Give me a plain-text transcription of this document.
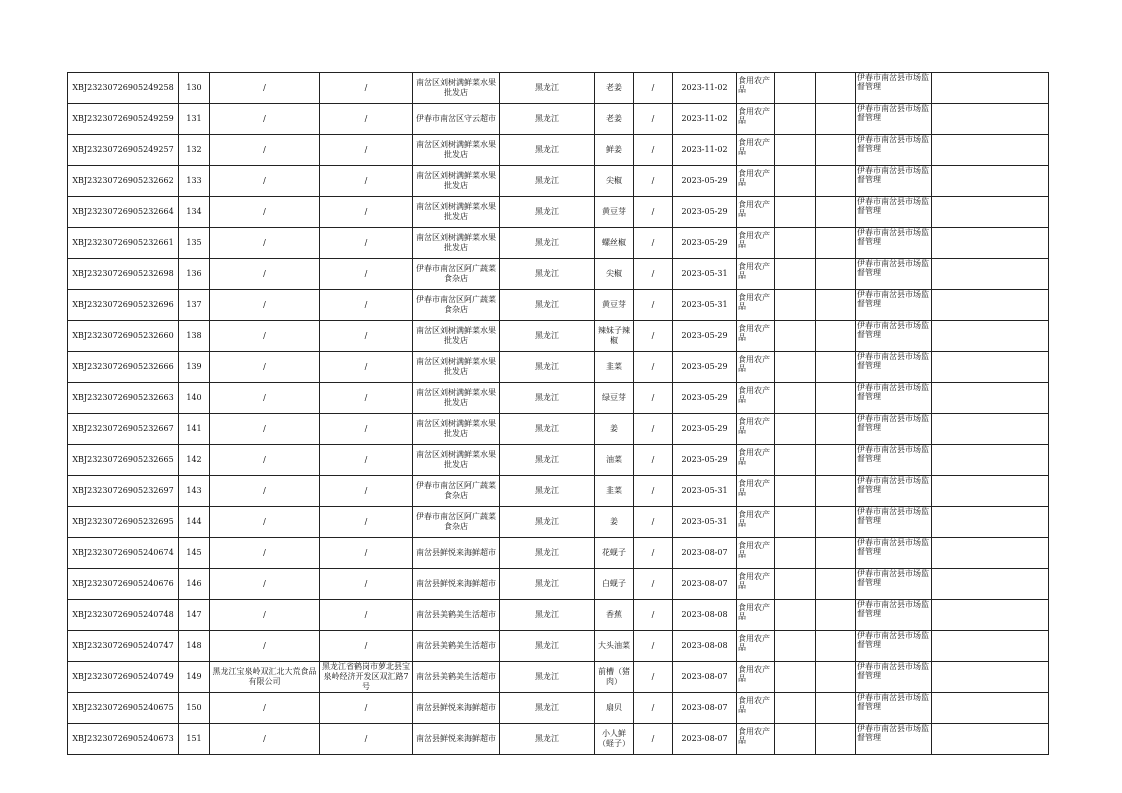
XBJ23230726905249258	130	/	/	南岔区刘树满鲜菜水果批发店	黑龙江	老姜	/	2023-11-02	食用农产品			伊春市南岔县市场监督管理	
XBJ23230726905249259	131	/	/	伊春市南岔区守云超市	黑龙江	老姜	/	2023-11-02	食用农产品			伊春市南岔县市场监督管理	
XBJ23230726905249257	132	/	/	南岔区刘树满鲜菜水果批发店	黑龙江	鲜姜	/	2023-11-02	食用农产品			伊春市南岔县市场监督管理	
XBJ23230726905232662	133	/	/	南岔区刘树满鲜菜水果批发店	黑龙江	尖椒	/	2023-05-29	食用农产品			伊春市南岔县市场监督管理	
XBJ23230726905232664	134	/	/	南岔区刘树满鲜菜水果批发店	黑龙江	黄豆芽	/	2023-05-29	食用农产品			伊春市南岔县市场监督管理	
XBJ23230726905232661	135	/	/	南岔区刘树满鲜菜水果批发店	黑龙江	螺丝椒	/	2023-05-29	食用农产品			伊春市南岔县市场监督管理	
XBJ23230726905232698	136	/	/	伊春市南岔区阿广蔬菜食杂店	黑龙江	尖椒	/	2023-05-31	食用农产品			伊春市南岔县市场监督管理	
XBJ23230726905232696	137	/	/	伊春市南岔区阿广蔬菜食杂店	黑龙江	黄豆芽	/	2023-05-31	食用农产品			伊春市南岔县市场监督管理	
XBJ23230726905232660	138	/	/	南岔区刘树满鲜菜水果批发店	黑龙江	辣妹子辣椒	/	2023-05-29	食用农产品			伊春市南岔县市场监督管理	
XBJ23230726905232666	139	/	/	南岔区刘树满鲜菜水果批发店	黑龙江	韭菜	/	2023-05-29	食用农产品			伊春市南岔县市场监督管理	
XBJ23230726905232663	140	/	/	南岔区刘树满鲜菜水果批发店	黑龙江	绿豆芽	/	2023-05-29	食用农产品			伊春市南岔县市场监督管理	
XBJ23230726905232667	141	/	/	南岔区刘树满鲜菜水果批发店	黑龙江	姜	/	2023-05-29	食用农产品			伊春市南岔县市场监督管理	
XBJ23230726905232665	142	/	/	南岔区刘树满鲜菜水果批发店	黑龙江	油菜	/	2023-05-29	食用农产品			伊春市南岔县市场监督管理	
XBJ23230726905232697	143	/	/	伊春市南岔区阿广蔬菜食杂店	黑龙江	韭菜	/	2023-05-31	食用农产品			伊春市南岔县市场监督管理	
XBJ23230726905232695	144	/	/	伊春市南岔区阿广蔬菜食杂店	黑龙江	姜	/	2023-05-31	食用农产品			伊春市南岔县市场监督管理	
XBJ23230726905240674	145	/	/	南岔县鲜悦来海鲜超市	黑龙江	花蚬子	/	2023-08-07	食用农产品			伊春市南岔县市场监督管理	
XBJ23230726905240676	146	/	/	南岔县鲜悦来海鲜超市	黑龙江	白蚬子	/	2023-08-07	食用农产品			伊春市南岔县市场监督管理	
XBJ23230726905240748	147	/	/	南岔县美鹤美生活超市	黑龙江	香蕉	/	2023-08-08	食用农产品			伊春市南岔县市场监督管理	
XBJ23230726905240747	148	/	/	南岔县美鹤美生活超市	黑龙江	大头油菜	/	2023-08-08	食用农产品			伊春市南岔县市场监督管理	
XBJ23230726905240749	149	黑龙江宝泉岭双汇北大荒食品有限公司	黑龙江省鹤岗市萝北县宝泉岭经济开发区双汇路7号	南岔县美鹤美生活超市	黑龙江	前槽（猪肉）	/	2023-08-07	食用农产品			伊春市南岔县市场监督管理	
XBJ23230726905240675	150	/	/	南岔县鲜悦来海鲜超市	黑龙江	扇贝	/	2023-08-07	食用农产品			伊春市南岔县市场监督管理	
XBJ23230726905240673	151	/	/	南岔县鲜悦来海鲜超市	黑龙江	小人鲜（蛏子）	/	2023-08-07	食用农产品			伊春市南岔县市场监督管理	
